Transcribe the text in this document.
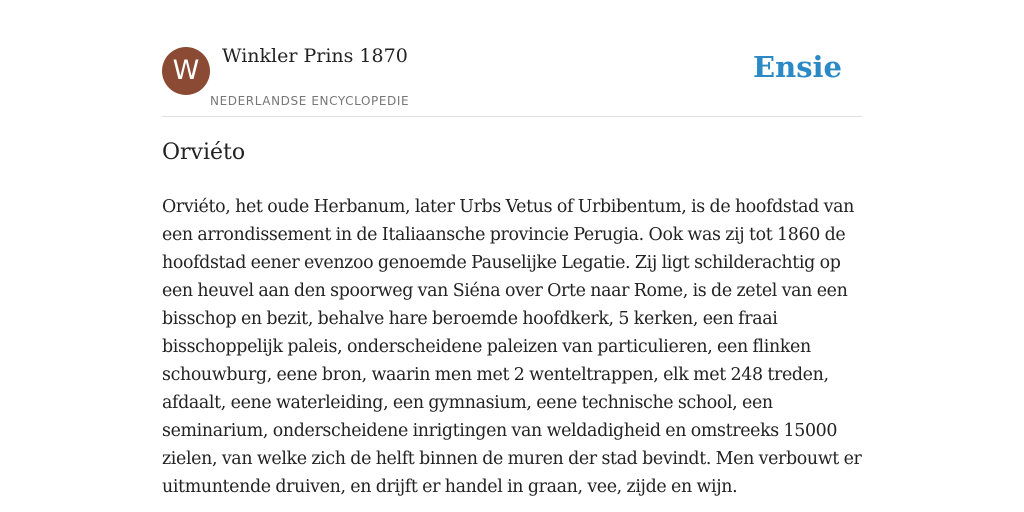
W	Winkler Prins 1870
NEDERLANDSE ENCYCLOPEDIE
Ensie
Orviéto

Orviéto, het oude Herbanum, later Urbs Vetus of Urbibentum, is de hoofdstad van een arrondissement in de Italiaansche provincie Perugia. Ook was zij tot 1860 de hoofdstad eener evenzoo genoemde Pauselijke Legatie. Zij ligt schilderachtig op een heuvel aan den spoorweg van Siéna over Orte naar Rome, is de zetel van een bisschop en bezit, behalve hare beroemde hoofdkerk, 5 kerken, een fraai bisschoppelijk paleis, onderscheidene paleizen van particulieren, een flinken schouwburg, eene bron, waarin men met 2 wenteltrappen, elk met 248 treden, afdaalt, eene waterleiding, een gymnasium, eene technische school, een seminarium, onderscheidene inrigtingen van weldadigheid en omstreeks 15000 zielen, van welke zich de helft binnen de muren der stad bevindt. Men verbouwt er uitmuntende druiven, en drijft er handel in graan, vee, zijde en wijn.
